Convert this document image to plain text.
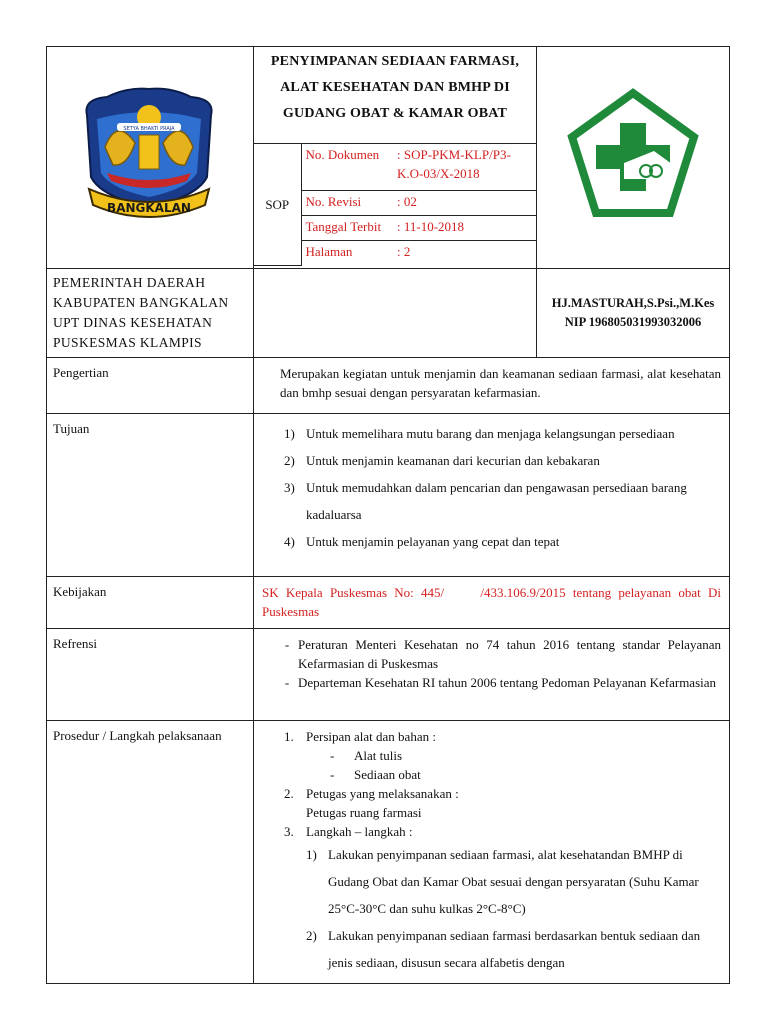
SETYA BHAKTI PRAJA
BANGKALAN

PENYIMPANAN SEDIAAN FARMASI,
ALAT KESEHATAN DAN BMHP DI
GUDANG OBAT & KAMAR OBAT
SOP	No. Dokumen	: SOP-PKM-KLP/P3-K.O-03/X-2018
No. Revisi	: 02
Tanggal Terbit	: 11-10-2018
Halaman	: 2

PEMERINTAH DAERAH
KABUPATEN BANGKALAN
UPT DINAS KESEHATAN
PUSKESMAS KLAMPIS

HJ.MASTURAH,S.Psi.,M.Kes
NIP 196805031993032006

Pengertian	Merupakan kegiatan untuk menjamin dan keamanan sediaan farmasi, alat kesehatan dan bmhp sesuai dengan persyaratan kefarmasian.
Tujuan	1) Untuk memelihara mutu barang dan menjaga kelangsungan persediaan
2) Untuk menjamin keamanan dari kecurian dan kebakaran
3) Untuk memudahkan dalam pencarian dan pengawasan persediaan barang kadaluarsa
4) Untuk menjamin pelayanan yang cepat dan tepat

Kebijakan	SK Kepala Puskesmas No: 445/     /433.106.9/2015 tentang pelayanan obat Di Puskesmas
Refrensi	- Peraturan Menteri Kesehatan no 74 tahun 2016 tentang standar Pelayanan Kefarmasian di Puskesmas
- Departeman Kesehatan RI tahun 2006 tentang Pedoman Pelayanan Kefarmasian

Prosedur / Langkah pelaksanaan	1. Persipan alat dan bahan :
-	Alat tulis
-	Sediaan obat
2. Petugas yang melaksanakan :
Petugas ruang farmasi
3. Langkah – langkah :
1) Lakukan penyimpanan sediaan farmasi, alat kesehatandan BMHP di Gudang Obat dan Kamar Obat sesuai dengan persyaratan (Suhu Kamar 25°C-30°C dan suhu kulkas 2°C-8°C)
2) Lakukan penyimpanan sediaan farmasi berdasarkan bentuk sediaan dan jenis sediaan, disusun secara alfabetis dengan
